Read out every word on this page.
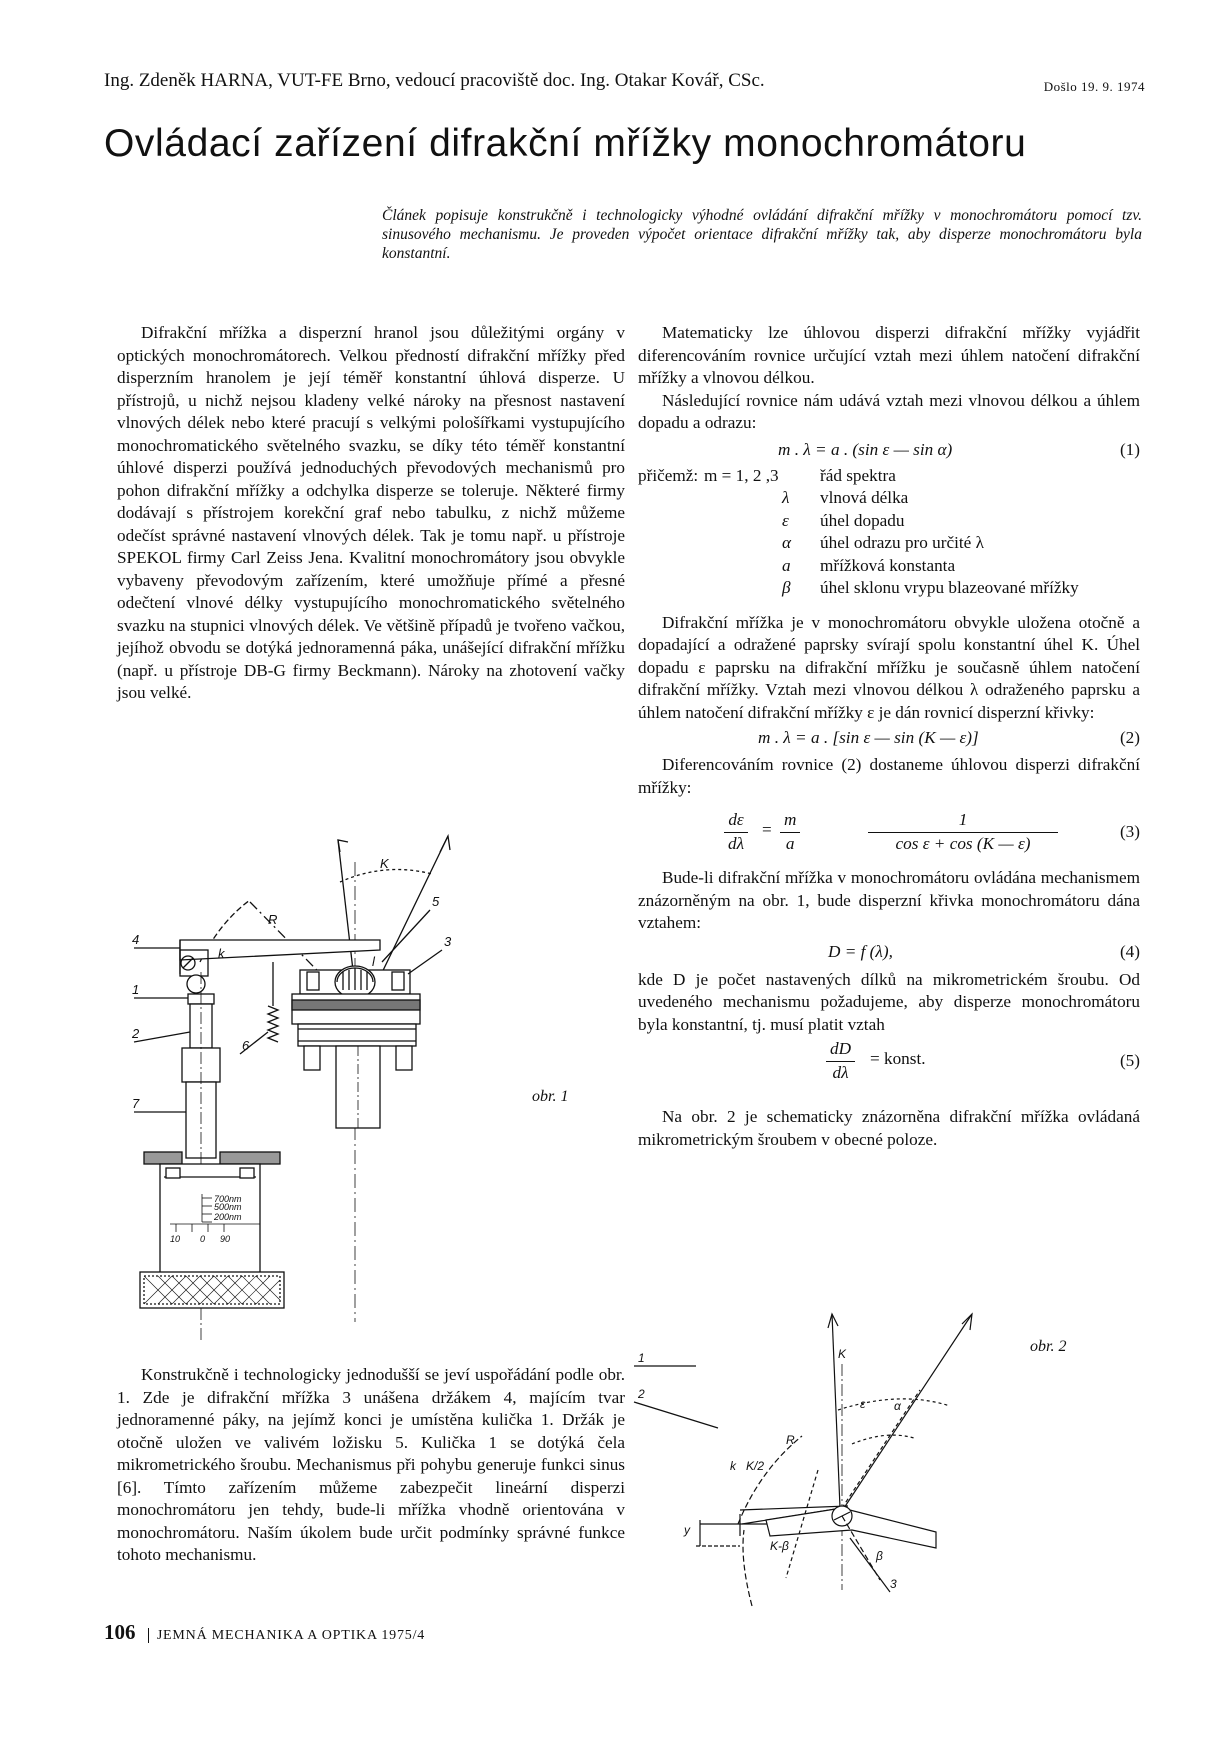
Ing. Zdeněk HARNA, VUT-FE Brno, vedoucí pracoviště doc. Ing. Otakar Kovář, CSc.	Došlo 19. 9. 1974
Ovládací zařízení difrakční mřížky monochromátoru
Článek popisuje konstrukčně i technologicky výhodné ovládání difrakční mřížky v monochromátoru pomocí tzv. sinusového mechanismu. Je proveden výpočet orientace difrakční mřížky tak, aby disperze monochromátoru byla konstantní.

Difrakční mřížka a disperzní hranol jsou důležitými orgány v optických monochromátorech. Velkou předností difrakční mřížky před disperzním hranolem je její téměř konstantní úhlová disperze. U přístrojů, u nichž nejsou kladeny velké nároky na přesnost nastavení vlnových délek nebo které pracují s velkými pološířkami vystupujícího monochromatického světelného svazku, se díky této téměř konstantní úhlové disperzi používá jednoduchých převodových mechanismů pro pohon difrakční mřížky a odchylka disperze se toleruje. Některé firmy dodávají s přístrojem korekční graf nebo tabulku, z nichž můžeme odečíst správné nastavení vlnových délek. Tak je tomu např. u přístroje SPEKOL firmy Carl Zeiss Jena. Kvalitní monochromátory jsou obvykle vybaveny převodovým zařízením, které umožňuje přímé a přesné odečtení vlnové délky vystupujícího monochromatického světelného svazku na stupnici vlnových délek. Ve většině případů je tvořeno vačkou, jejíhož obvodu se dotýká jednoramenná páka, unášející difrakční mřížku (např. u přístroje DB-G firmy Beckmann). Nároky na zhotovení vačky jsou velké.

4
1
2
7
5
3
6
K
R
k
l
700nm
500nm
200nm
10 0 90
obr. 1

Konstrukčně i technologicky jednodušší se jeví uspořádání podle obr. 1. Zde je difrakční mřížka 3 unášena držákem 4, majícím tvar jednoramenné páky, na jejímž konci je umístěna kulička 1. Držák je otočně uložen ve valivém ložisku 5. Kulička 1 se dotýká čela mikrometrického šroubu. Mechanismus při pohybu generuje funkci sinus [6]. Tímto zařízením můžeme zabezpečit lineární disperzi monochromátoru jen tehdy, bude-li mřížka vhodně orientována v monochromátoru. Naším úkolem bude určit podmínky správné funkce tohoto mechanismu.

Matematicky lze úhlovou disperzi difrakční mřížky vyjádřit diferencováním rovnice určující vztah mezi úhlem natočení difrakční mřížky a vlnovou délkou.

Následující rovnice nám udává vztah mezi vlnovou délkou a úhlem dopadu a odrazu:

m . λ = a . (sin ε — sin α)	(1)
přičemž:	m = 1, 2 ,3	řád spektra
	λ	vlnová délka
	ε	úhel dopadu
	α	úhel odrazu pro určité λ
	a	mřížková konstanta
	β	úhel sklonu vrypu blazeované mřížky

Difrakční mřížka je v monochromátoru obvykle uložena otočně a dopadající a odražené paprsky svírají spolu konstantní úhel K. Úhel dopadu ε paprsku na difrakční mřížku je současně úhlem natočení difrakční mřížky. Vztah mezi vlnovou délkou λ odraženého paprsku a úhlem natočení difrakční mřížky ε je dán rovnicí disperzní křivky:

m . λ = a . [sin ε — sin (K — ε)]	(2)

Diferencováním rovnice (2) dostaneme úhlovou disperzi difrakční mřížky:

$\frac{d\varepsilon}{d\lambda} = \frac{m}{a}$	$\frac{1}{\text{cos ε + cos (K — ε)}}$	(3)

Bude-li difrakční mřížka v monochromátoru ovládána mechanismem znázorněným na obr. 1, bude disperzní křivka monochromátoru dána vztahem:

D = f (λ),	(4)

kde D je počet nastavených dílků na mikrometrickém šroubu. Od uvedeného mechanismu požadujeme, aby disperze monochromátoru byla konstantní, tj. musí platit vztah

$\frac{dD}{d\lambda}$ = konst.	(5)

Na obr. 2 je schematicky znázorněna difrakční mřížka ovládaná mikrometrickým šroubem v obecné poloze.

1
2
3
K
ε α
R
k K/2
K-β
β
y
obr. 2
106 JEMNÁ MECHANIKA A OPTIKA 1975/4
